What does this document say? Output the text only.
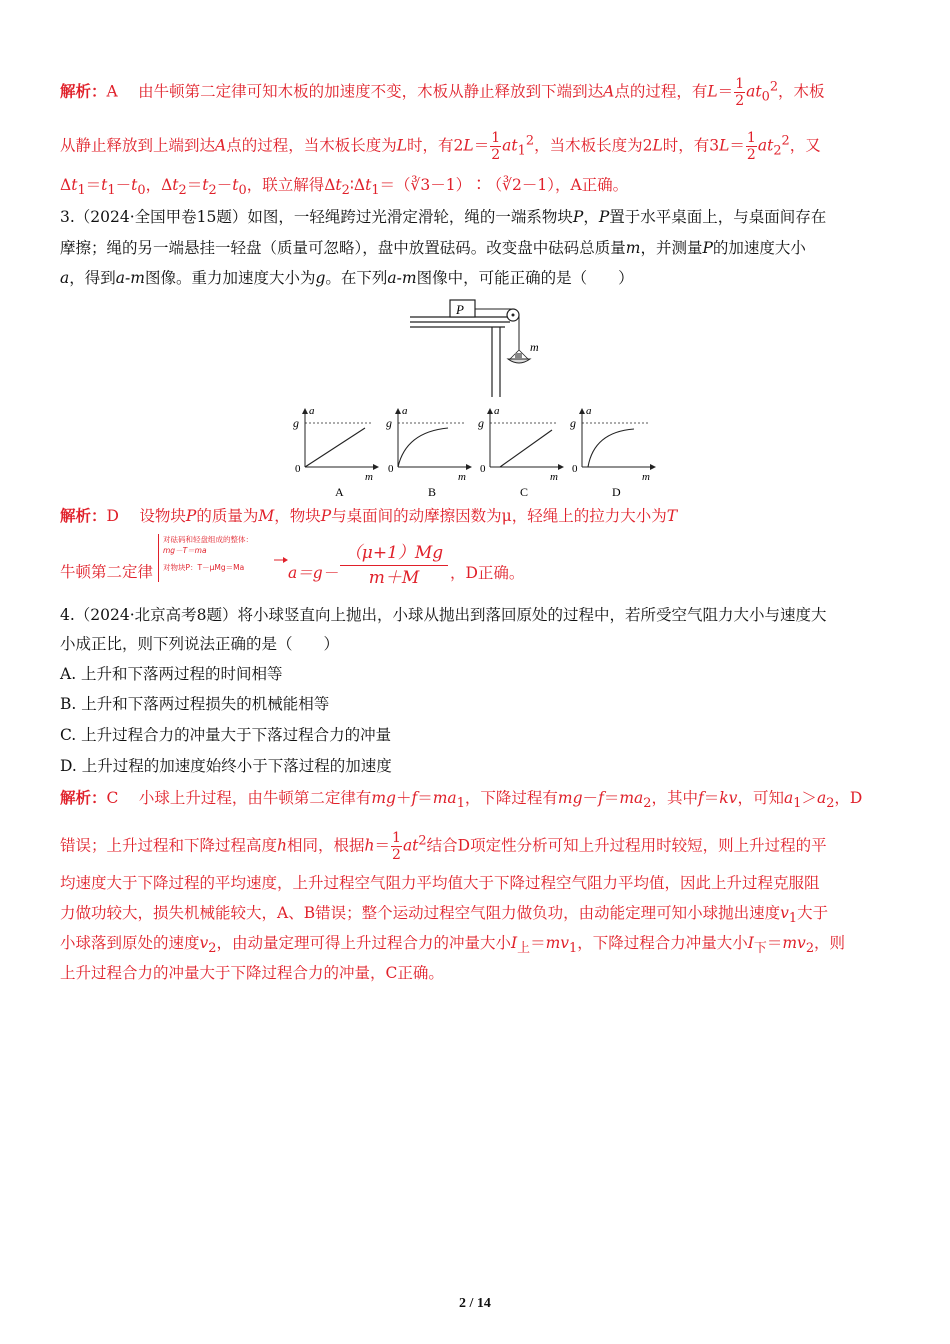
解析：A　 由牛顿第二定律可知木板的加速度不变，木板从静止释放到下端到达A点的过程，有$L= \frac{1}{2} at_0^2$，木板
从静止释放到上端到达A点的过程，当木板长度为L时，有$2L= \frac{1}{2} at_1^2$，当木板长度为2L时，有$3L= \frac{1}{2} at_2^2$，又
$\Delta t_1=t_1-t_0$，$\Delta t_2=t_2-t_0$，联立解得$\Delta t_2∶\Delta t_1=(∛3-1)∶(∛2-1)$，A正确。
3.（2024·全国甲卷15题）如图，一轻绳跨过光滑定滑轮，绳的一端系物块P，P置于水平桌面上，与桌面间存在
摩擦；绳的另一端悬挂一轻盘（质量可忽略），盘中放置砝码。改变盘中砝码总质量m，并测量P的加速度大小
a，得到a-m图像。重力加速度大小为g。在下列a-m图像中，可能正确的是（　　）
P
m
g
a
m
0
A
g
a
m
0
B
g
a
m
0
C
g
a
m
0
D
解析：D　 设物块P的质量为M，物块P与桌面间的动摩擦因数为μ，轻绳上的拉力大小为T
牛顿第二定律
对砝码和轻盘组成的整体：
mg－T＝ma
对物块P：T－μMg＝Ma	a＝g－
（μ+1）Mg
m＋M	，D正确。
4.（2024·北京高考8题）将小球竖直向上抛出，小球从抛出到落回原处的过程中，若所受空气阻力大小与速度大
小成正比，则下列说法正确的是（　　）
A. 上升和下落两过程的时间相等
B. 上升和下落两过程损失的机械能相等
C. 上升过程合力的冲量大于下落过程合力的冲量
D. 上升过程的加速度始终小于下落过程的加速度
解析：C　 小球上升过程，由牛顿第二定律有$mg+f=ma_1$，下降过程有$mg-f=ma_2$，其中f＝kv，可知$a_1>a_2$，D
错误；上升过程和下降过程高度h相同，根据$h= \frac{1}{2} at^2$结合D项定性分析可知上升过程用时较短，则上升过程的平
均速度大于下降过程的平均速度，上升过程空气阻力平均值大于下降过程空气阻力平均值，因此上升过程克服阻
力做功较大，损失机械能较大，A、B错误；整个运动过程空气阻力做负功，由动能定理可知小球抛出速度$v_1$大于
小球落到原处的速度$v_2$，由动量定理可得上升过程合力的冲量大小$I_上=mv_1$，下降过程合力冲量大小$I_下=mv_2$，则
上升过程合力的冲量大于下降过程合力的冲量，C正确。
2 / 14
